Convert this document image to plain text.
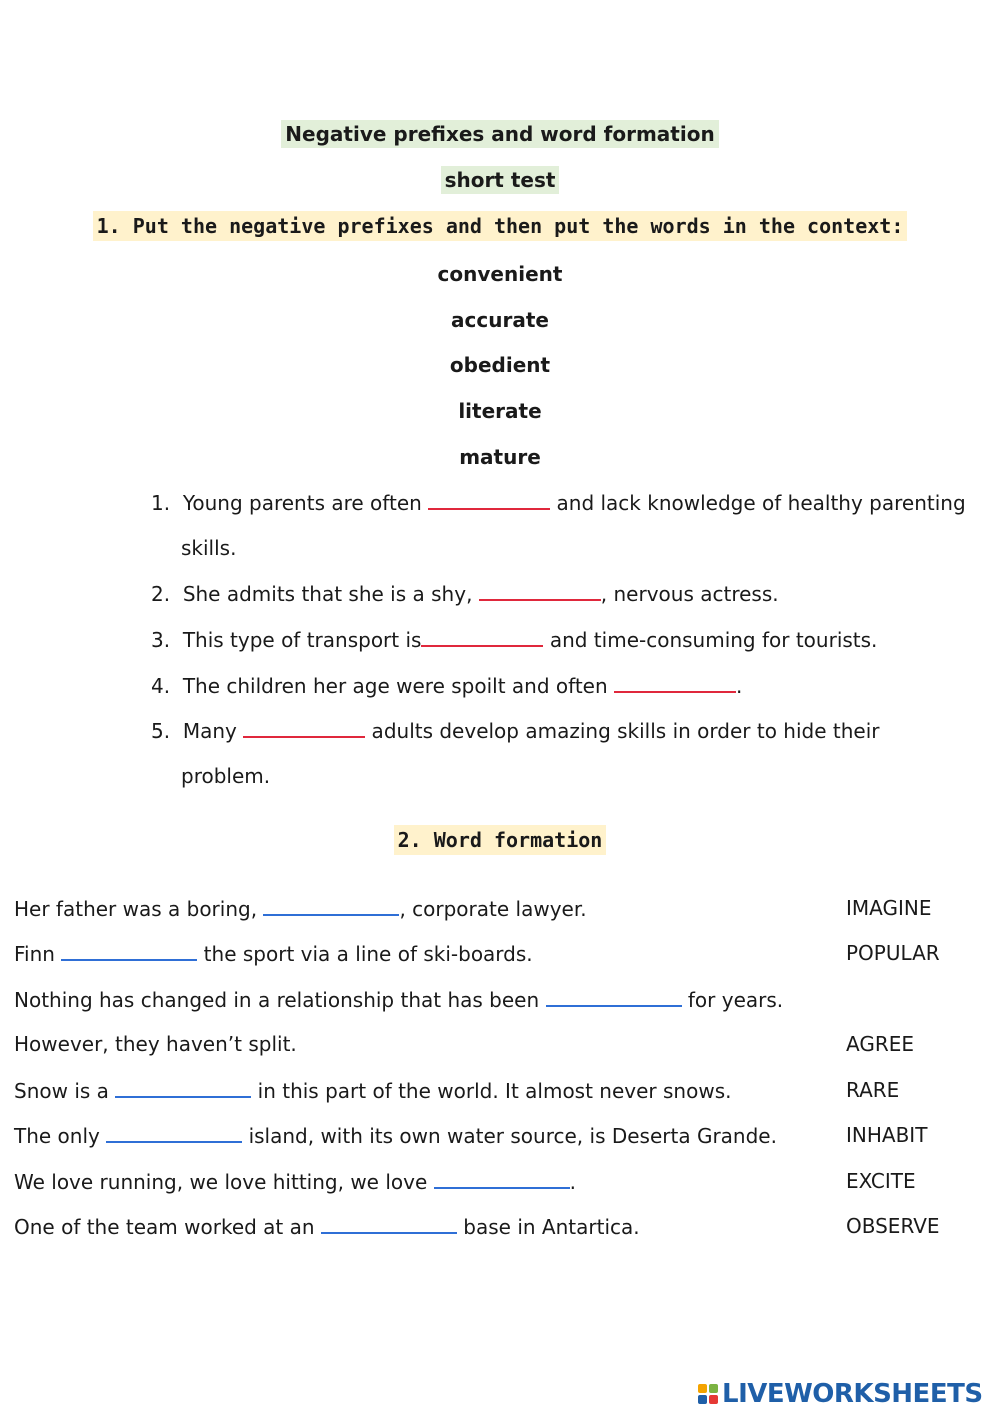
Negative prefixes and word formation
short test
1. Put the negative prefixes and then put the words in the context:
convenient
accurate
obedient
literate
mature
1. Young parents are often	and lack knowledge of healthy parenting
skills.
2. She admits that she is a shy,	, nervous actress.
3. This type of transport is	and time-consuming for tourists.
4. The children her age were spoilt and often	.
5. Many	adults develop amazing skills in order to hide their
problem.
2. Word formation
Her father was a boring,	, corporate lawyer.	IMAGINE
Finn	the sport via a line of ski-boards.	POPULAR
Nothing has changed in a relationship that has been	for years.
However, they haven’t split.	AGREE
Snow is a	in this part of the world. It almost never snows.	RARE
The only	island, with its own water source, is Deserta Grande.	INHABIT
We love running, we love hitting, we love	.	EXCITE
One of the team worked at an	base in Antartica.	OBSERVE
LIVEWORKSHEETS
